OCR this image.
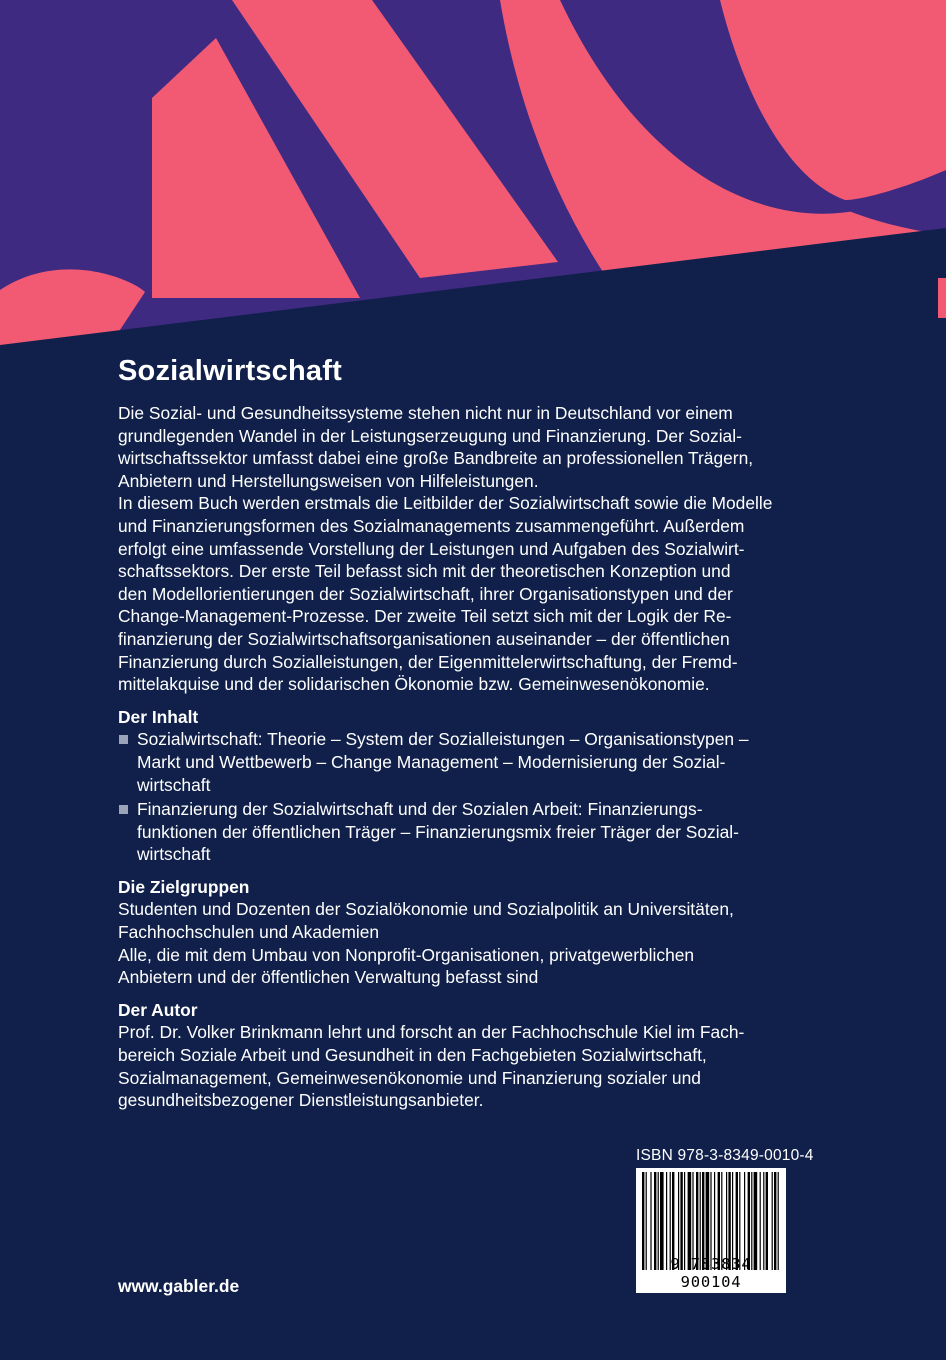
Sozialwirtschaft

Die Sozial- und Gesundheitssysteme stehen nicht nur in Deutschland vor einem
grundlegenden Wandel in der Leistungserzeugung und Finanzierung. Der Sozial-
wirtschaftssektor umfasst dabei eine große Bandbreite an professionellen Trägern,
Anbietern und Herstellungsweisen von Hilfeleistungen.

In diesem Buch werden erstmals die Leitbilder der Sozialwirtschaft sowie die Modelle
und Finanzierungsformen des Sozialmanagements zusammengeführt. Außerdem
erfolgt eine umfassende Vorstellung der Leistungen und Aufgaben des Sozialwirt-
schaftssektors. Der erste Teil befasst sich mit der theoretischen Konzeption und
den Modellorientierungen der Sozialwirtschaft, ihrer Organisationstypen und der
Change-Management-Prozesse. Der zweite Teil setzt sich mit der Logik der Re-
finanzierung der Sozialwirtschaftsorganisationen auseinander – der öffentlichen
Finanzierung durch Sozialleistungen, der Eigenmittelerwirtschaftung, der Fremd-
mittelakquise und der solidarischen Ökonomie bzw. Gemeinwesenökonomie.

Der Inhalt
Sozialwirtschaft: Theorie – System der Sozialleistungen – Organisationstypen –
Markt und Wettbewerb – Change Management – Modernisierung der Sozial-
wirtschaft
Finanzierung der Sozialwirtschaft und der Sozialen Arbeit: Finanzierungs-
funktionen der öffentlichen Träger – Finanzierungsmix freier Träger der Sozial-
wirtschaft
Die Zielgruppen

Studenten und Dozenten der Sozialökonomie und Sozialpolitik an Universitäten,
Fachhochschulen und Akademien

Alle, die mit dem Umbau von Nonprofit-Organisationen, privatgewerblichen
Anbietern und der öffentlichen Verwaltung befasst sind

Der Autor

Prof. Dr. Volker Brinkmann lehrt und forscht an der Fachhochschule Kiel im Fach-
bereich Soziale Arbeit und Gesundheit in den Fachgebieten Sozialwirtschaft,
Sozialmanagement, Gemeinwesenökonomie und Finanzierung sozialer und
gesundheitsbezogener Dienstleistungsanbieter.

ISBN 978-3-8349-0010-4
9 783834 900104
www.gabler.de
